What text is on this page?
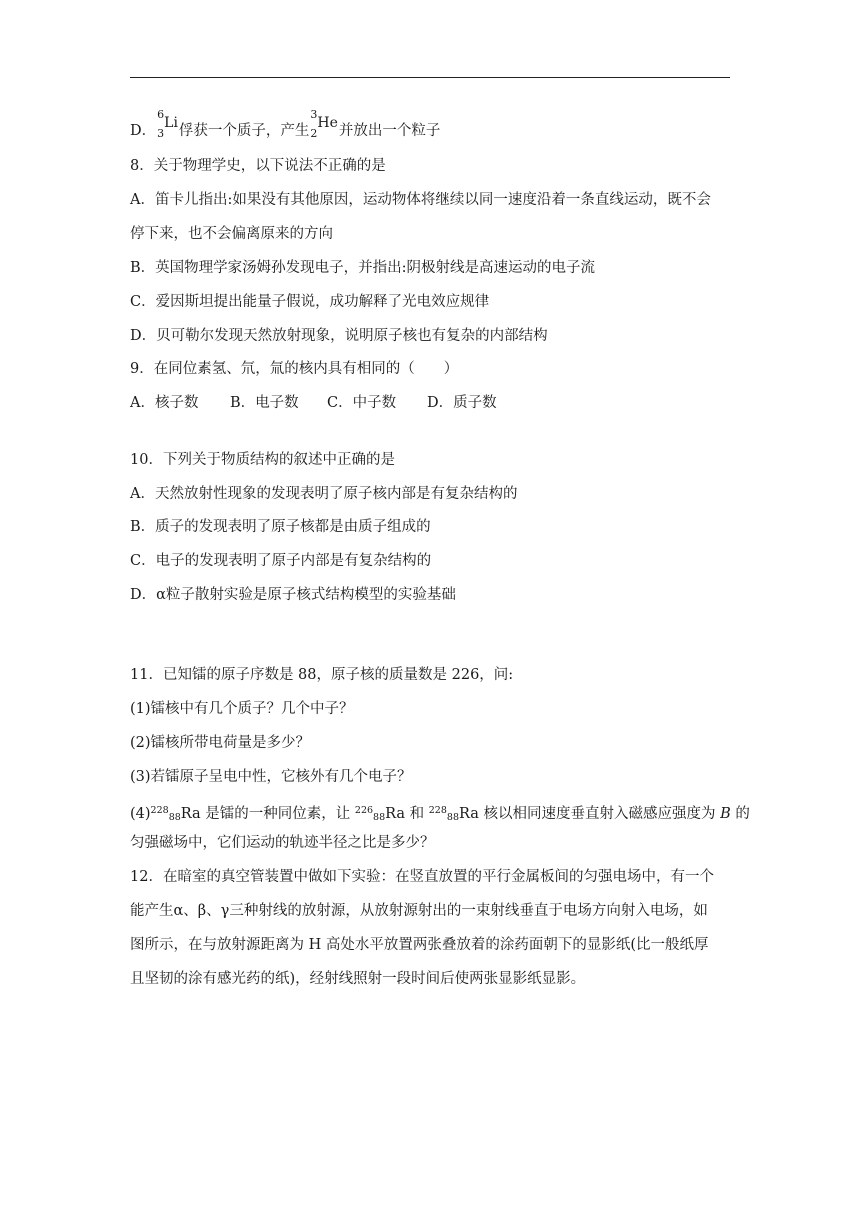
D．
6
3
Li俘获一个质子，产生
3
2
He并放出一个粒子
8．关于物理学史，以下说法不正确的是
A．笛卡儿指出:如果没有其他原因，运动物体将继续以同一速度沿着一条直线运动，既不会
停下来，也不会偏离原来的方向
B．英国物理学家汤姆孙发现电子，并指出:阴极射线是高速运动的电子流
C．爱因斯坦提出能量子假说，成功解释了光电效应规律
D．贝可勒尔发现天然放射现象，说明原子核也有复杂的内部结构
9．在同位素氢、氘，氚的核内具有相同的（　　）
A．核子数 B．电子数 C．中子数 D．质子数
10．下列关于物质结构的叙述中正确的是
A．天然放射性现象的发现表明了原子核内部是有复杂结构的
B．质子的发现表明了原子核都是由质子组成的
C．电子的发现表明了原子内部是有复杂结构的
D．α粒子散射实验是原子核式结构模型的实验基础
11．已知镭的原子序数是 88，原子核的质量数是 226，问:
(1)镭核中有几个质子？几个中子？
(2)镭核所带电荷量是多少？
(3)若镭原子呈电中性，它核外有几个电子？
$(4)^{228}88Ra$ 是镭的一种同位素，让 $^{226}$88Ra 和 $^{228}$88Ra 核以相同速度垂直射入磁感应强度为 B 的
匀强磁场中，它们运动的轨迹半径之比是多少？
12．在暗室的真空管装置中做如下实验：在竖直放置的平行金属板间的匀强电场中，有一个
能产生α、β、γ三种射线的放射源，从放射源射出的一束射线垂直于电场方向射入电场，如
图所示，在与放射源距离为 H 高处水平放置两张叠放着的涂药面朝下的显影纸(比一般纸厚
且坚韧的涂有感光药的纸)，经射线照射一段时间后使两张显影纸显影。
